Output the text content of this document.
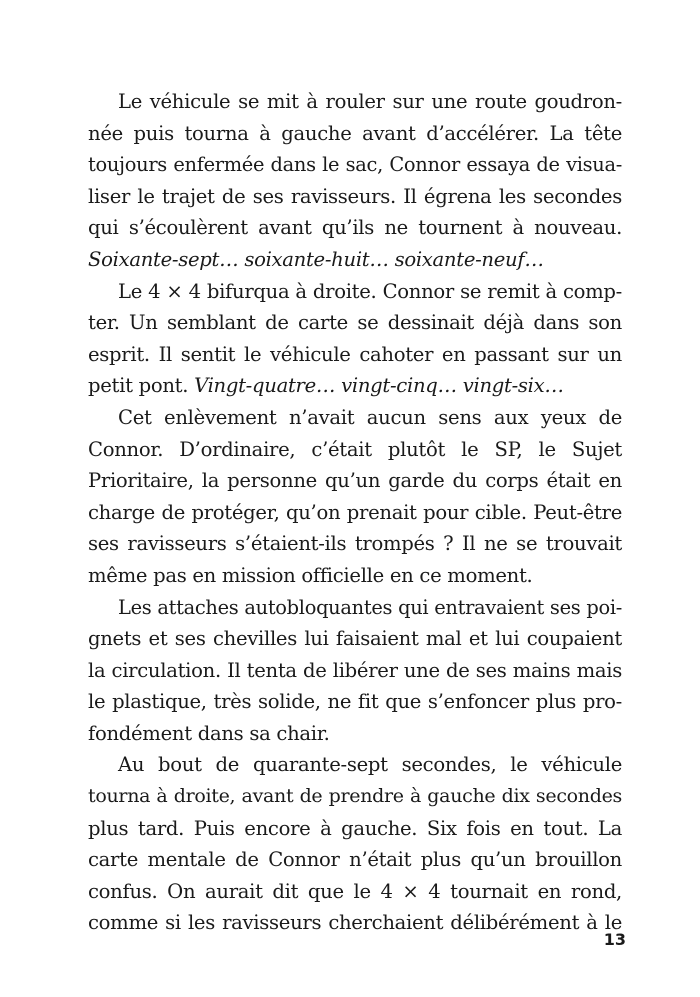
Le véhicule se mit à rouler sur une route goudron-
née puis tourna à gauche avant d’accélérer. La tête
toujours enfermée dans le sac, Connor essaya de visua-
liser le trajet de ses ravisseurs. Il égrena les secondes
qui s’écoulèrent avant qu’ils ne tournent à nouveau.
Soixante-sept… soixante-huit… soixante-neuf…
Le 4 × 4 bifurqua à droite. Connor se remit à comp-
ter. Un semblant de carte se dessinait déjà dans son
esprit. Il sentit le véhicule cahoter en passant sur un
petit pont. Vingt-quatre… vingt-cinq… vingt-six…
Cet enlèvement n’avait aucun sens aux yeux de
Connor. D’ordinaire, c’était plutôt le SP, le Sujet
Prioritaire, la personne qu’un garde du corps était en
charge de protéger, qu’on prenait pour cible. Peut-être
ses ravisseurs s’étaient-ils trompés ? Il ne se trouvait
même pas en mission officielle en ce moment.
Les attaches autobloquantes qui entravaient ses poi-
gnets et ses chevilles lui faisaient mal et lui coupaient
la circulation. Il tenta de libérer une de ses mains mais
le plastique, très solide, ne fit que s’enfoncer plus pro-
fondément dans sa chair.
Au bout de quarante-sept secondes, le véhicule
tourna à droite, avant de prendre à gauche dix secondes
plus tard. Puis encore à gauche. Six fois en tout. La
carte mentale de Connor n’était plus qu’un brouillon
confus. On aurait dit que le 4 × 4 tournait en rond,
comme si les ravisseurs cherchaient délibérément à le
13
